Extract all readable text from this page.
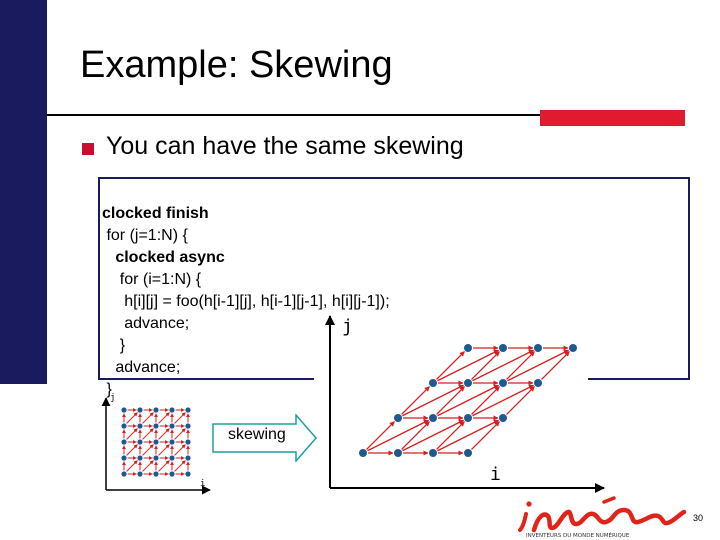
Example: Skewing
You can have the same skewing

clocked finish
for (j=1:N) {
clocked async
for (i=1:N) {
h[i][j] = foo(h[i-1][j], h[i-1][j-1], h[i][j-1]);
advance;
}
advance;
}

j
i
skewing
j
i
INVENTEURS DU MONDE NUMÉRIQUE
30
